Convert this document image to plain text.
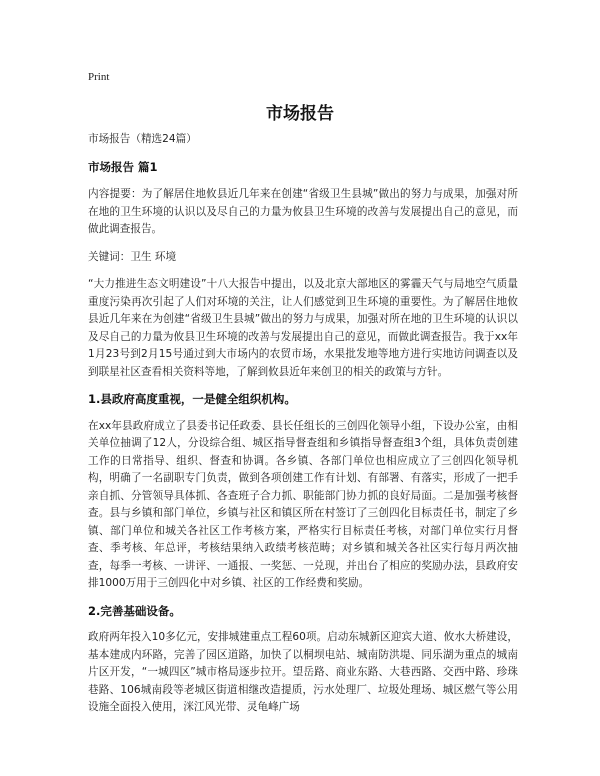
Print
市场报告

市场报告（精选24篇）

市场报告 篇1

内容提要：为了解居住地攸县近几年来在创建“省级卫生县城”做出的努力与成果，加强对所在地的卫生环境的认识以及尽自己的力量为攸县卫生环境的改善与发展提出自己的意见，而做此调查报告。

关键词：卫生 环境

“大力推进生态文明建设”十八大报告中提出，以及北京大部地区的雾霾天气与局地空气质量重度污染再次引起了人们对环境的关注，让人们感觉到卫生环境的重要性。为了解居住地攸县近几年来在为创建“省级卫生县城”做出的努力与成果，加强对所在地的卫生环境的认识以及尽自己的力量为攸县卫生环境的改善与发展提出自己的意见，而做此调查报告。我于xx年1月23号到2月15号通过到大市场内的农贸市场，水果批发地等地方进行实地访问调查以及到联星社区查看相关资料等地，了解到攸县近年来创卫的相关的政策与方针。

1.县政府高度重视，一是健全组织机构。

在xx年县政府成立了县委书记任政委、县长任组长的三创四化领导小组，下设办公室，由相关单位抽调了12人，分设综合组、城区指导督查组和乡镇指导督查组3个组，具体负责创建工作的日常指导、组织、督查和协调。各乡镇、各部门单位也相应成立了三创四化领导机构，明确了一名副职专门负责，做到各项创建工作有计划、有部署、有落实，形成了一把手亲自抓、分管领导具体抓、各查班子合力抓、职能部门协力抓的良好局面。二是加强考核督查。县与乡镇和部门单位，乡镇与社区和镇区所在村签订了三创四化目标责任书，制定了乡镇、部门单位和城关各社区工作考核方案，严格实行目标责任考核，对部门单位实行月督查、季考核、年总评，考核结果纳入政绩考核范畴；对乡镇和城关各社区实行每月两次抽查，每季一考核、一讲评、一通报、一奖惩、一兑现，并出台了相应的奖励办法，县政府安排1000万用于三创四化中对乡镇、社区的工作经费和奖励。

2.完善基础设备。

政府两年投入10多亿元，安排城建重点工程60项。启动东城新区迎宾大道、攸水大桥建设，基本建成内环路，完善了园区道路，加快了以桐坝电站、城南防洪堤、同乐湖为重点的城南片区开发，“一城四区”城市格局逐步拉开。望岳路、商业东路、大巷西路、交西中路、珍珠巷路、106城南段等老城区街道相继改造提质，污水处理厂、垃圾处理场、城区燃气等公用设施全面投入使用，洣江风光带、灵龟峰广场
